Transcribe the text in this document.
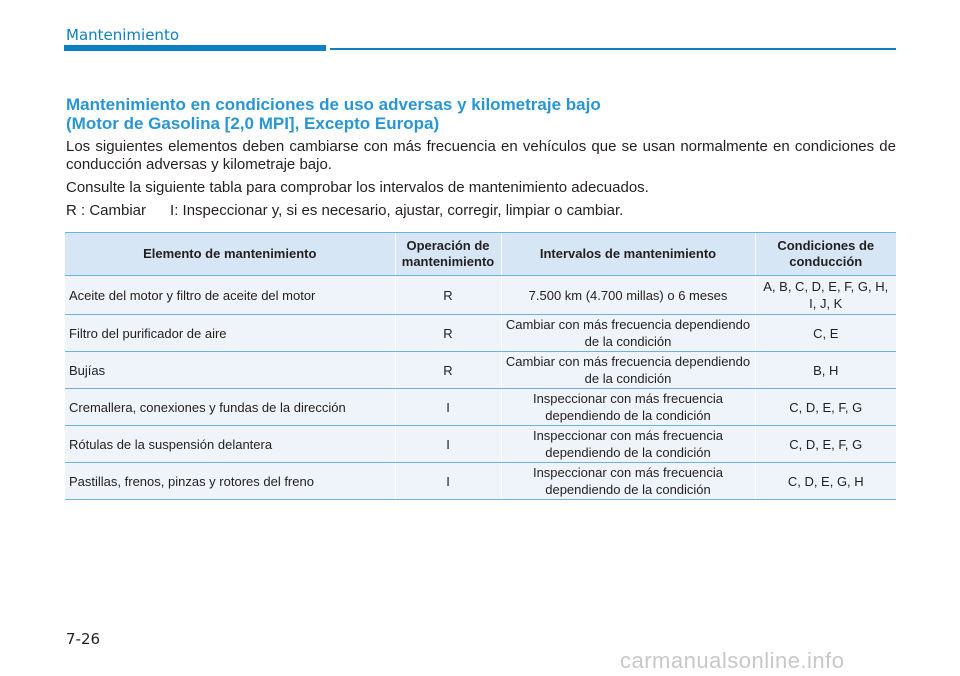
Mantenimiento
Mantenimiento en condiciones de uso adversas y kilometraje bajo
(Motor de Gasolina [2,0 MPI], Excepto Europa)

Los siguientes elementos deben cambiarse con más frecuencia en vehículos que se usan normalmente en condiciones de conducción adversas y kilometraje bajo.

Consulte la siguiente tabla para comprobar los intervalos de mantenimiento adecuados.

R : Cambiar I: Inspeccionar y, si es necesario, ajustar, corregir, limpiar o cambiar.

Elemento de mantenimiento	Operación de mantenimiento	Intervalos de mantenimiento	Condiciones de conducción
Aceite del motor y filtro de aceite del motor	R	7.500 km (4.700 millas) o 6 meses	A, B, C, D, E, F, G, H, I, J, K
Filtro del purificador de aire	R	Cambiar con más frecuencia dependiendo de la condición	C, E
Bujías	R	Cambiar con más frecuencia dependiendo de la condición	B, H
Cremallera, conexiones y fundas de la dirección	I	Inspeccionar con más frecuencia dependiendo de la condición	C, D, E, F, G
Rótulas de la suspensión delantera	I	Inspeccionar con más frecuencia dependiendo de la condición	C, D, E, F, G
Pastillas, frenos, pinzas y rotores del freno	I	Inspeccionar con más frecuencia dependiendo de la condición	C, D, E, G, H
7-26
carmanualsonline.info
